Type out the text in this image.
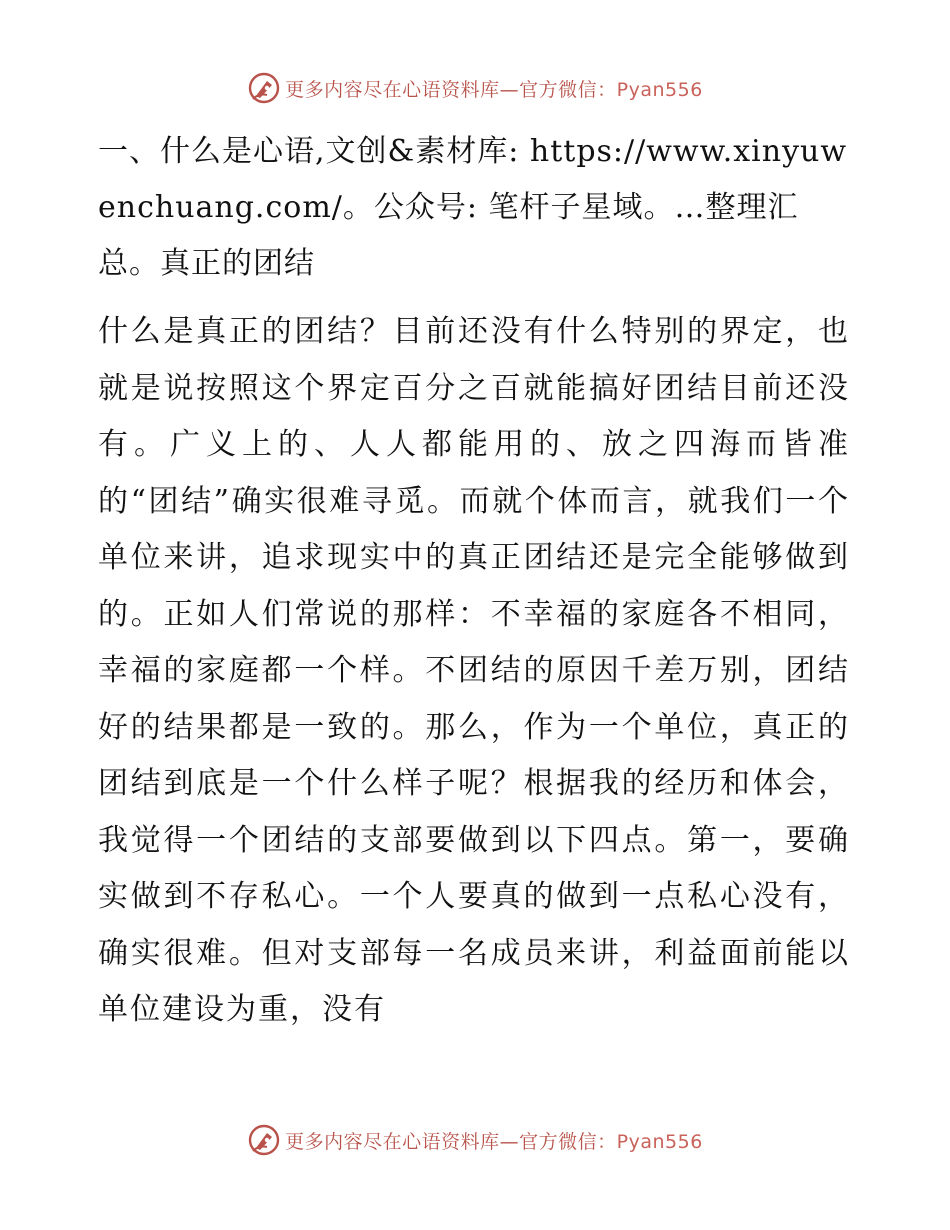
更多内容尽在心语资料库—官方微信：Pyan556

一、什么是心语,文创&素材库: https://www.xinyuwenchuang.com/。公众号: 笔杆子星域。…整理汇总。真正的团结

什么是真正的团结？目前还没有什么特别的界定，也就是说按照这个界定百分之百就能搞好团结目前还没有。广义上的、人人都能用的、放之四海而皆准的“团结”确实很难寻觅。而就个体而言，就我们一个单位来讲，追求现实中的真正团结还是完全能够做到的。正如人们常说的那样：不幸福的家庭各不相同，幸福的家庭都一个样。不团结的原因千差万别，团结好的结果都是一致的。那么，作为一个单位，真正的团结到底是一个什么样子呢？根据我的经历和体会，我觉得一个团结的支部要做到以下四点。第一，要确实做到不存私心。一个人要真的做到一点私心没有，确实很难。但对支部每一名成员来讲，利益面前能以单位建设为重，没有

更多内容尽在心语资料库—官方微信：Pyan556
